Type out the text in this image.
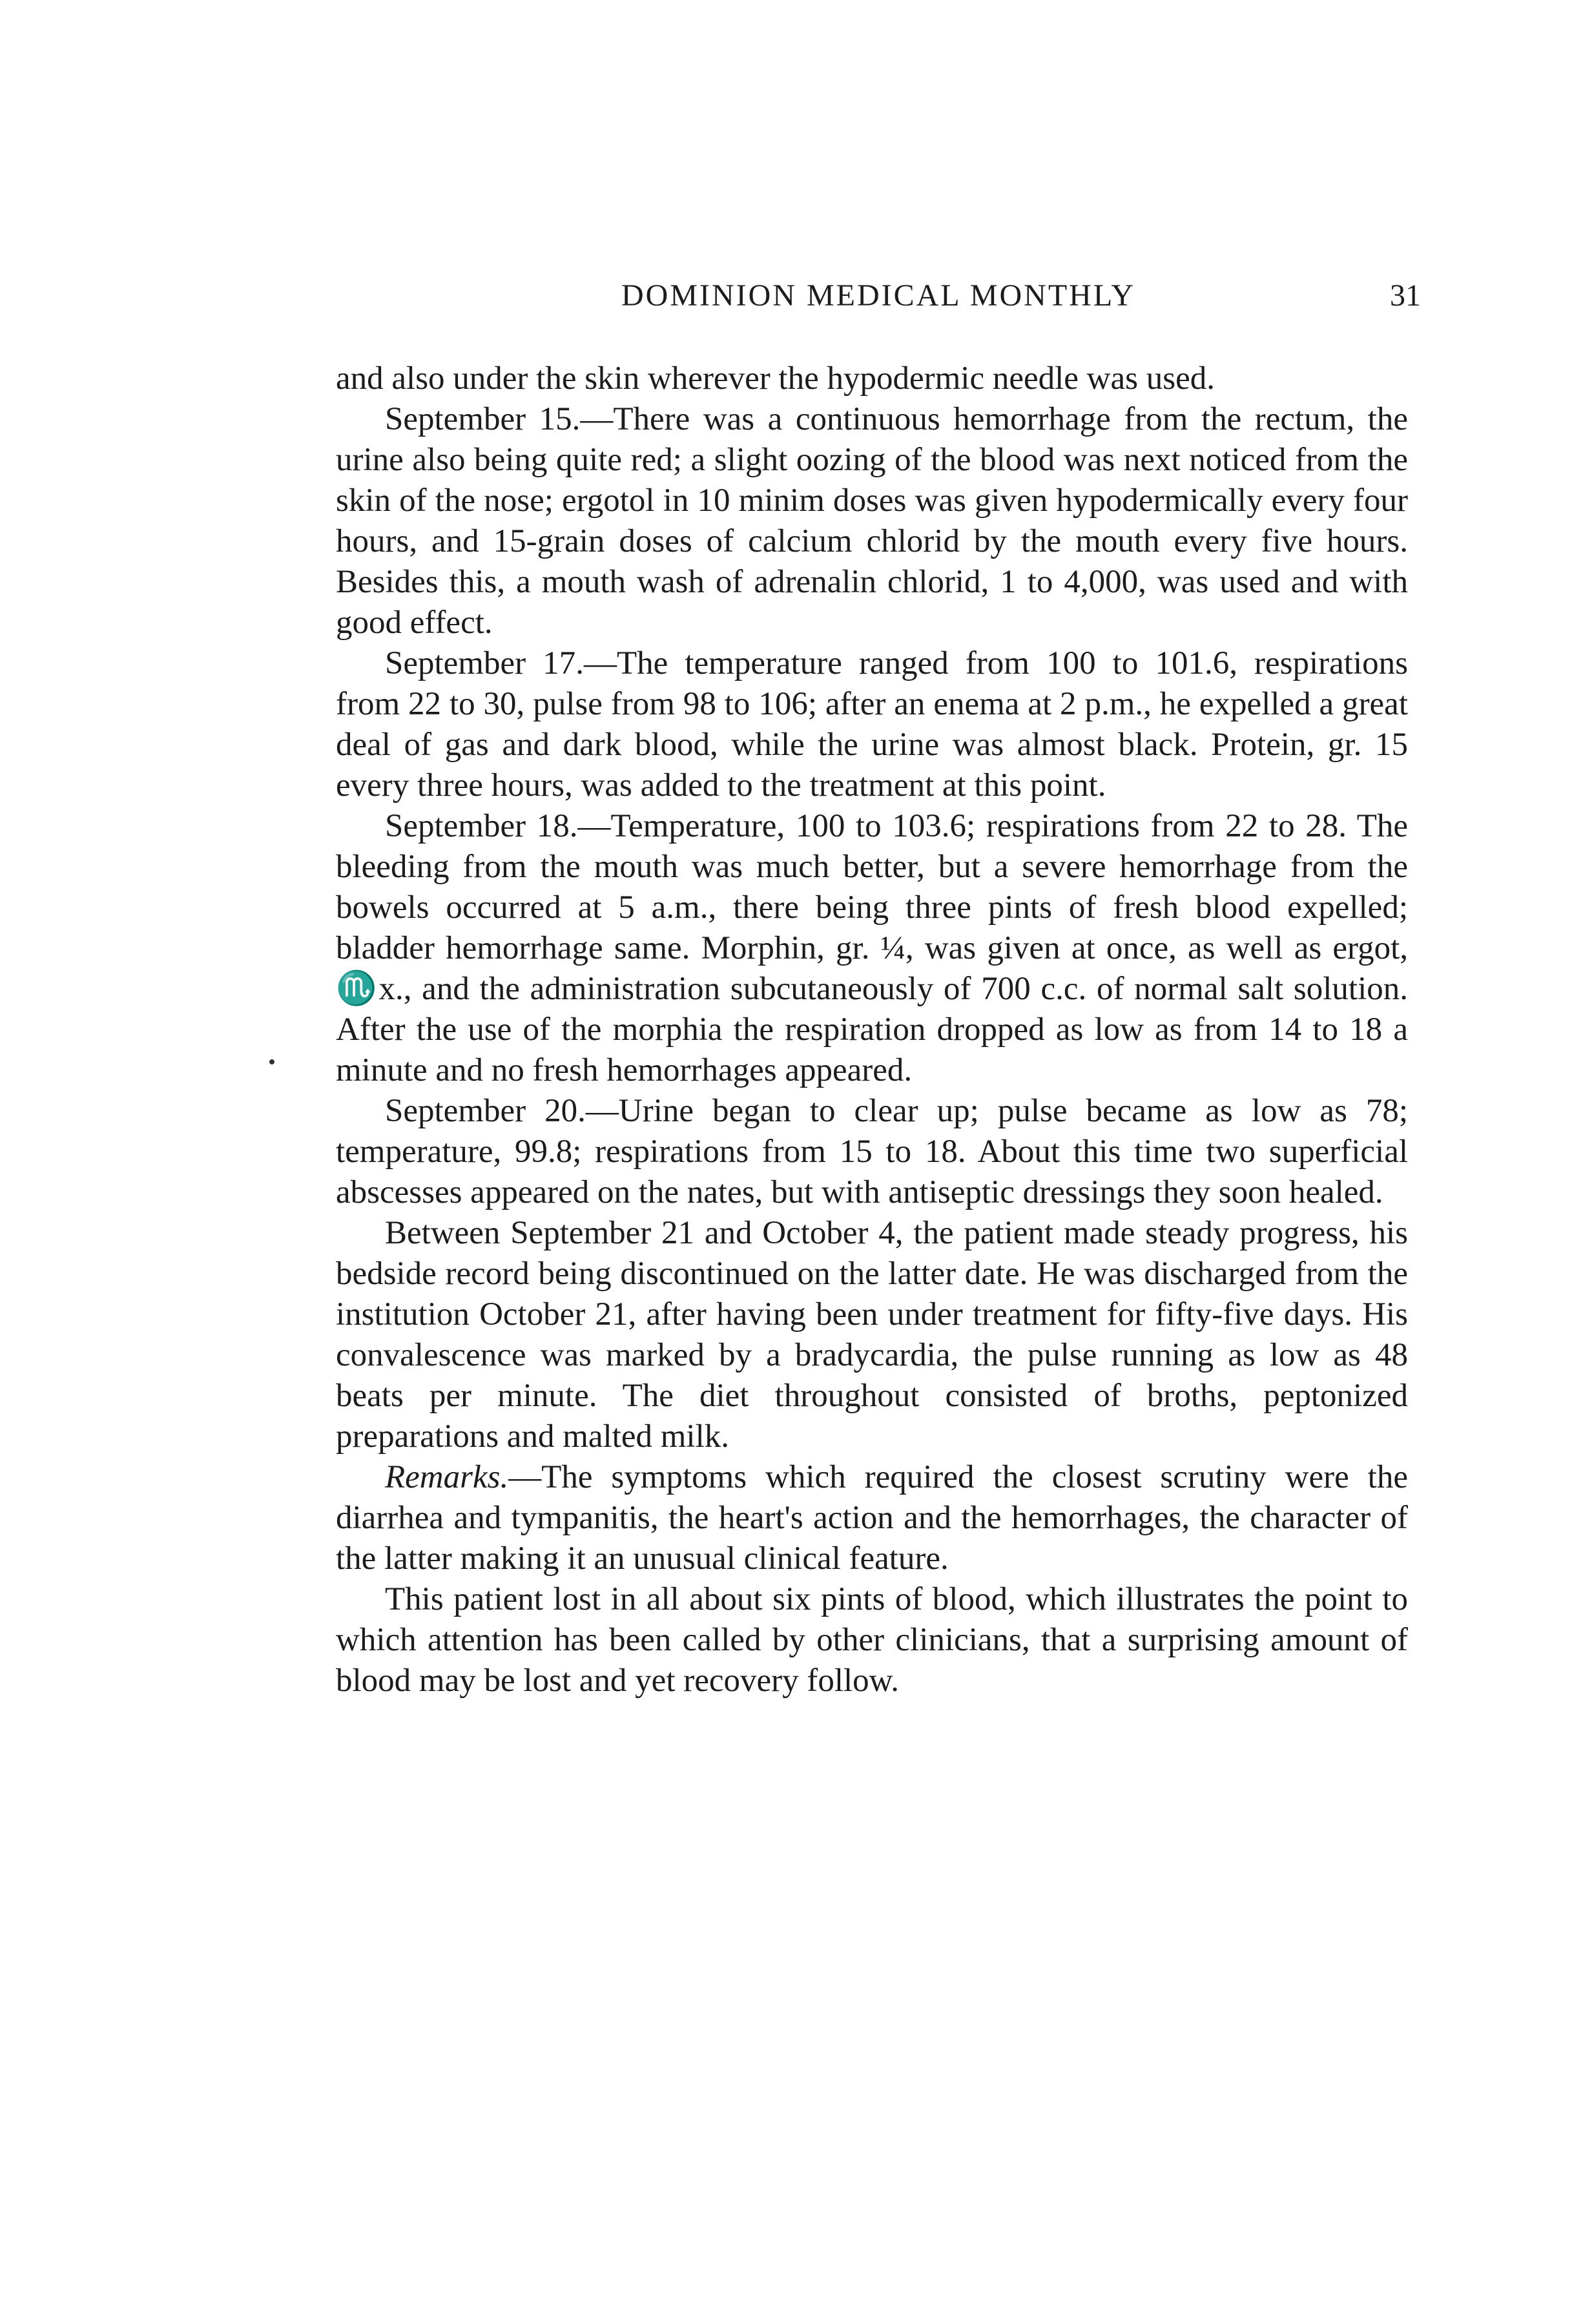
DOMINION MEDICAL MONTHLY	31

and also under the skin wherever the hypodermic needle was used.

September 15.—There was a continuous hemorrhage from the rectum, the urine also being quite red; a slight oozing of the blood was next noticed from the skin of the nose; ergotol in 10 minim doses was given hypodermically every four hours, and 15-grain doses of calcium chlorid by the mouth every five hours. Besides this, a mouth wash of adrenalin chlorid, 1 to 4,000, was used and with good effect.

September 17.—The temperature ranged from 100 to 101.6, respirations from 22 to 30, pulse from 98 to 106; after an enema at 2 p.m., he expelled a great deal of gas and dark blood, while the urine was almost black. Protein, gr. 15 every three hours, was added to the treatment at this point.

September 18.—Temperature, 100 to 103.6; respirations from 22 to 28. The bleeding from the mouth was much better, but a severe hemorrhage from the bowels occurred at 5 a.m., there being three pints of fresh blood expelled; bladder hemorrhage same. Morphin, gr. ¼, was given at once, as well as ergot, ♏x., and the administration subcutaneously of 700 c.c. of normal salt solution. After the use of the morphia the respiration dropped as low as from 14 to 18 a minute and no fresh hemorrhages appeared.

September 20.—Urine began to clear up; pulse became as low as 78; temperature, 99.8; respirations from 15 to 18. About this time two superficial abscesses appeared on the nates, but with antiseptic dressings they soon healed.

Between September 21 and October 4, the patient made steady progress, his bedside record being discontinued on the latter date. He was discharged from the institution October 21, after having been under treatment for fifty-five days. His convalescence was marked by a bradycardia, the pulse running as low as 48 beats per minute. The diet throughout consisted of broths, peptonized preparations and malted milk.

Remarks.—The symptoms which required the closest scrutiny were the diarrhea and tympanitis, the heart's action and the hemorrhages, the character of the latter making it an unusual clinical feature.

This patient lost in all about six pints of blood, which illustrates the point to which attention has been called by other clinicians, that a surprising amount of blood may be lost and yet recovery follow.
